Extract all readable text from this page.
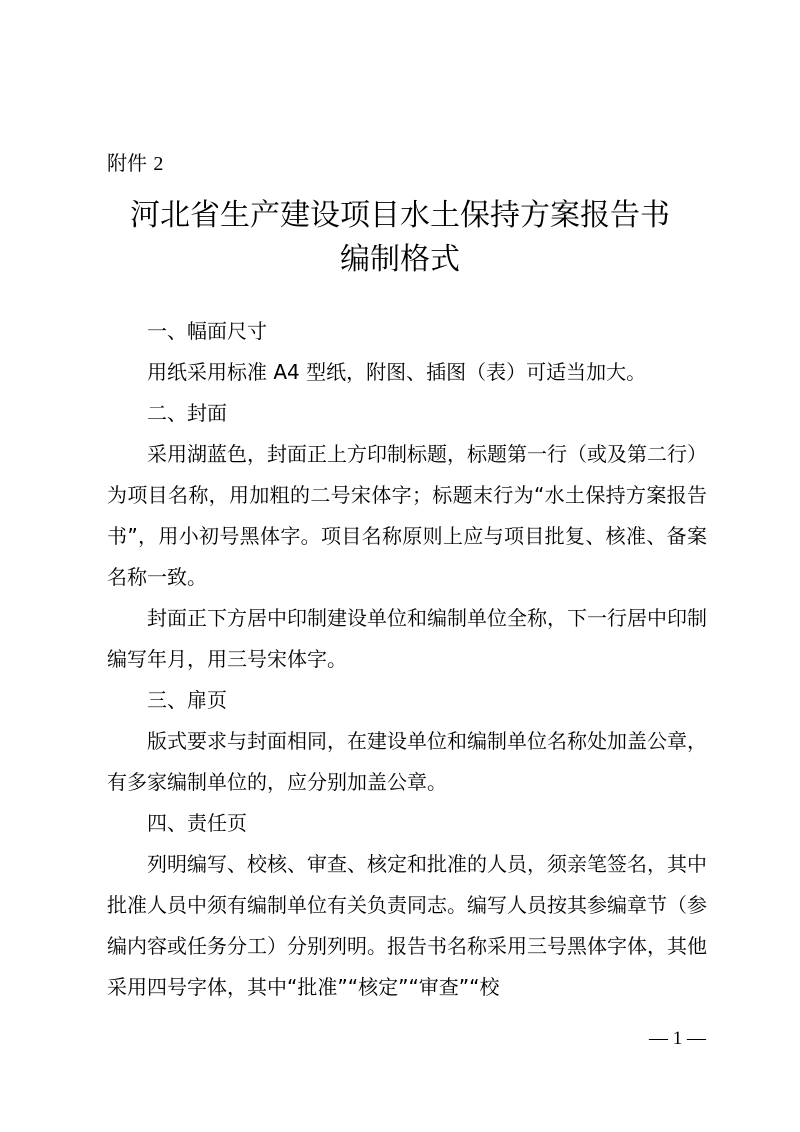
附件 2

河北省生产建设项目水土保持方案报告书
编制格式

一、幅面尺寸

用纸采用标准 A4 型纸，附图、插图（表）可适当加大。

二、封面

采用湖蓝色，封面正上方印制标题，标题第一行（或及第二行）为项目名称，用加粗的二号宋体字；标题末行为“水土保持方案报告书”，用小初号黑体字。项目名称原则上应与项目批复、核准、备案名称一致。

封面正下方居中印制建设单位和编制单位全称，下一行居中印制编写年月，用三号宋体字。

三、扉页

版式要求与封面相同，在建设单位和编制单位名称处加盖公章，有多家编制单位的，应分别加盖公章。

四、责任页

列明编写、校核、审查、核定和批准的人员，须亲笔签名，其中批准人员中须有编制单位有关负责同志。编写人员按其参编章节（参编内容或任务分工）分别列明。报告书名称采用三号黑体字体，其他采用四号字体，其中“批准”“核定”“审查”“校

— 1 —
